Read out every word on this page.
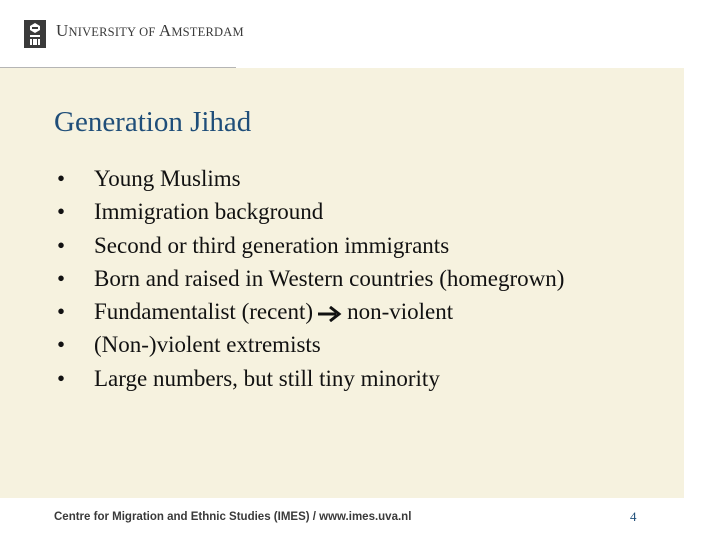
UNIVERSITY OF AMSTERDAM
Generation Jihad
• Young Muslims
• Immigration background
• Second or third generation immigrants
• Born and raised in Western countries (homegrown)
• Fundamentalist (recent) non-violent
• (Non-)violent extremists
• Large numbers, but still tiny minority
Centre for Migration and Ethnic Studies (IMES) / www.imes.uva.nl	4
